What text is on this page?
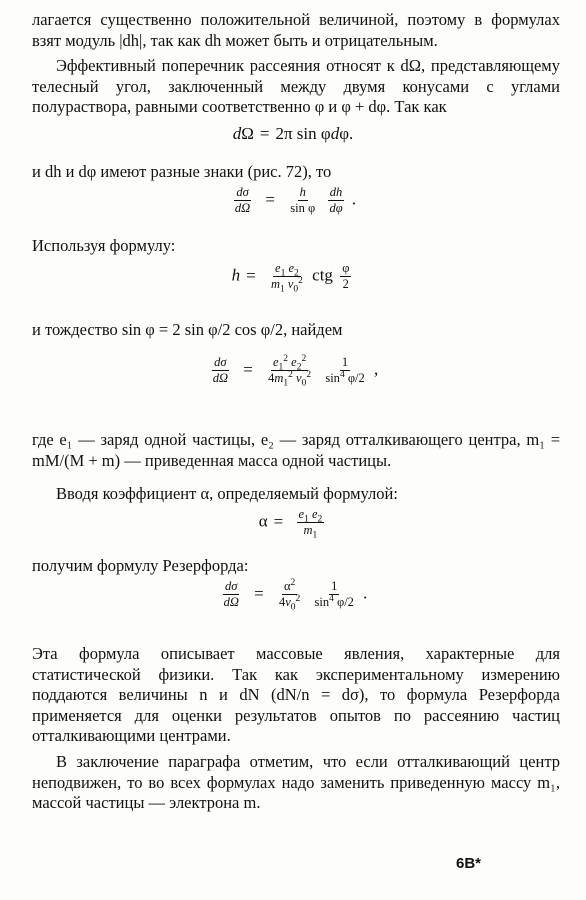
лагается существенно положительной величиной, поэтому в формулах взят модуль |dh|, так как dh может быть и отрицательным.

Эффективный поперечник рассеяния относят к dΩ, представляющему телесный угол, заключенный между двумя конусами с углами полураствора, равными соответственно φ и φ + dφ. Так как

dΩ = 2π sin φdφ.

и dh и dφ имеют разные знаки (рис. 72), то

$\frac{d\sigma}{d\Omega} = \frac{h}{\text{sin φ}}$
$\frac{dh}{d\varphi}$ .

Используя формулу:

$h = \frac{e_1 e_2}{m_1 v_0^2}$ ctg $\frac{\varphi}{2}$

и тождество sin φ = 2 sin φ/2 cos φ/2, найдем

$\frac{d\sigma}{d\Omega} = \frac{e_1^2 e_2^2}{4m_1^2 v_0^2}$
$\frac{1}{\sin^4 \varphi/2}$ ,

где e₁ — заряд одной частицы, e₂ — заряд отталкивающего центра, m₁ = mM/(M + m) — приведенная масса одной частицы.

Вводя коэффициент α, определяемый формулой:

$\alpha = \frac{e_1 e_2}{m_1}$

получим формулу Резерфорда:

$\frac{d\sigma}{d\Omega} = \frac{\alpha^2}{4v_0^2}$
$\frac{1}{\sin^4 \varphi/2}$ .

Эта формула описывает массовые явления, характерные для статистической физики. Так как экспериментальному измерению поддаются величины n и dN (dN/n = dσ), то формула Резерфорда применяется для оценки результатов опытов по рассеянию частиц отталкивающими центрами.

В заключение параграфа отметим, что если отталкивающий центр неподвижен, то во всех формулах надо заменить приведенную массу m₁, массой частицы — электрона m.

6B*
